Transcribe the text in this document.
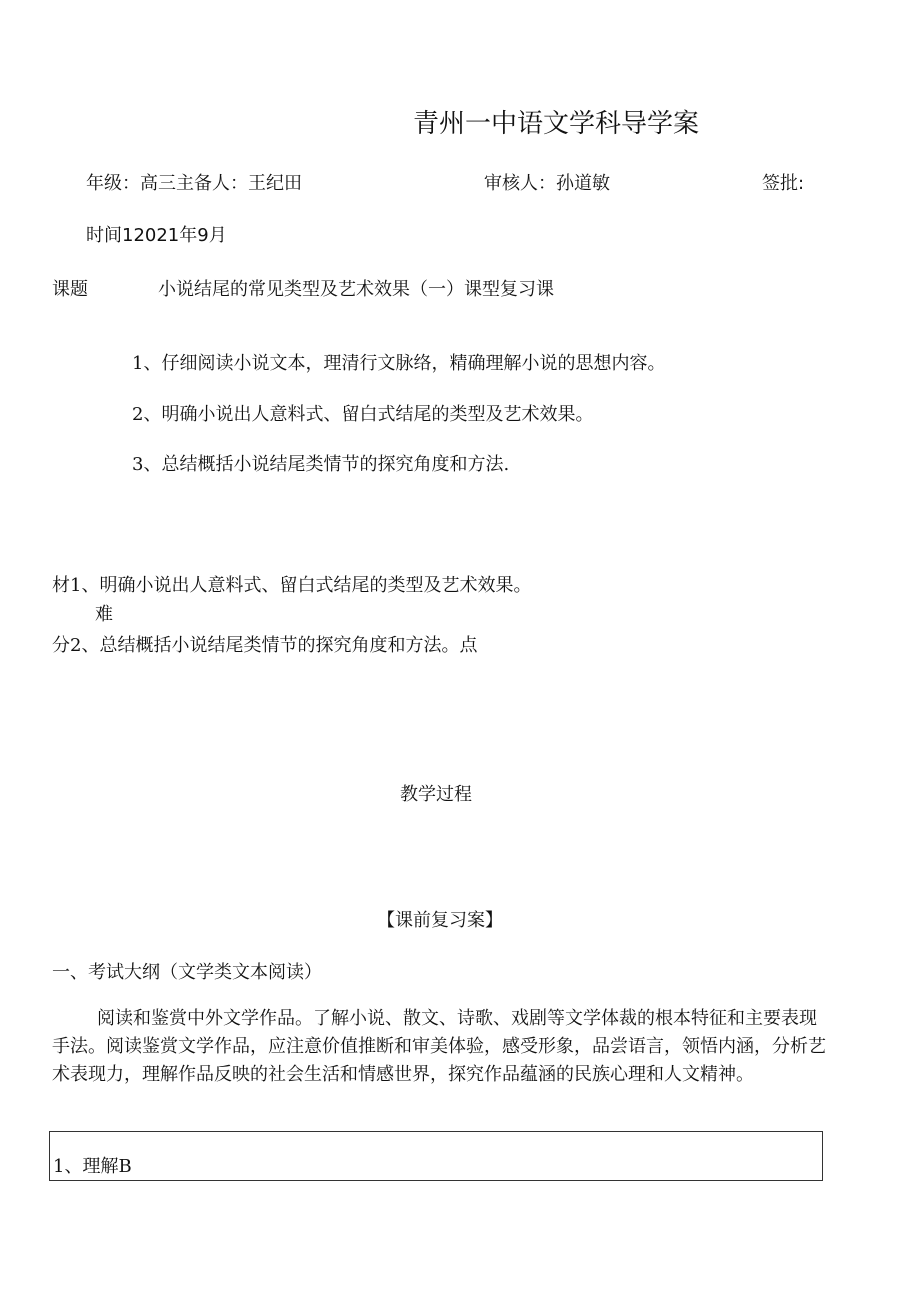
青州一中语文学科导学案
年级：高三主备人：王纪田	审核人：孙道敏	签批:
时间12021年9月
课题	小说结尾的常见类型及艺术效果（一）课型复习课
1、仔细阅读小说文本，理清行文脉络，精确理解小说的思想内容。
2、明确小说出人意料式、留白式结尾的类型及艺术效果。
3、总结概括小说结尾类情节的探究角度和方法.
材1、明确小说出人意料式、留白式结尾的类型及艺术效果。
难
分2、总结概括小说结尾类情节的探究角度和方法。点
教学过程
【课前复习案】
一、考试大纲（文学类文本阅读）
阅读和鉴赏中外文学作品。了解小说、散文、诗歌、戏剧等文学体裁的根本特征和主要表现手法。阅读鉴赏文学作品，应注意价值推断和审美体验，感受形象，品尝语言，领悟内涵，分析艺术表现力，理解作品反映的社会生活和情感世界，探究作品蕴涵的民族心理和人文精神。
1、理解B
